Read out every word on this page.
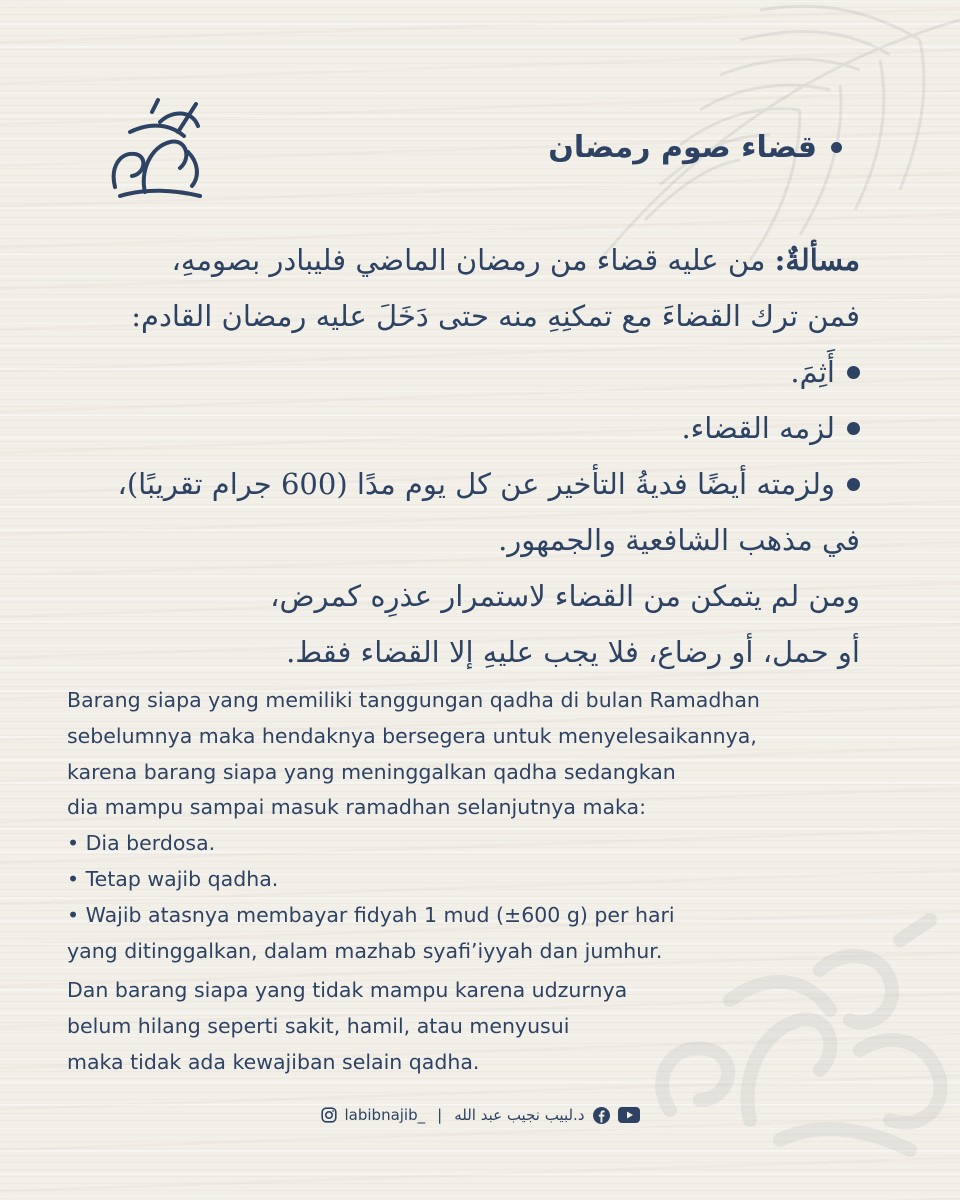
قضاء صوم رمضان
مسألةٌ: من عليه قضاء من رمضان الماضي فليبادر بصومهِ،
فمن ترك القضاءَ مع تمكنِهِ منه حتى دَخَلَ عليه رمضان القادم:
أَثِمَ.
لزمه القضاء.
ولزمته أيضًا فديةُ التأخير عن كل يوم مدًا (600 جرام تقريبًا)،
في مذهب الشافعية والجمهور.
ومن لم يتمكن من القضاء لاستمرار عذرِه كمرض،
أو حمل، أو رضاع، فلا يجب عليهِ إلا القضاء فقط.
Barang siapa yang memiliki tanggungan qadha di bulan Ramadhan
sebelumnya maka hendaknya bersegera untuk menyelesaikannya,
karena barang siapa yang meninggalkan qadha sedangkan
dia mampu sampai masuk ramadhan selanjutnya maka:
• Dia berdosa.
• Tetap wajib qadha.
• Wajib atasnya membayar fidyah 1 mud (±600 g) per hari
yang ditinggalkan, dalam mazhab syafi’iyyah dan jumhur.
Dan barang siapa yang tidak mampu karena udzurnya
belum hilang seperti sakit, hamil, atau menyusui
maka tidak ada kewajiban selain qadha.
labibnajib_ | د.لبيب نجيب عبد الله
